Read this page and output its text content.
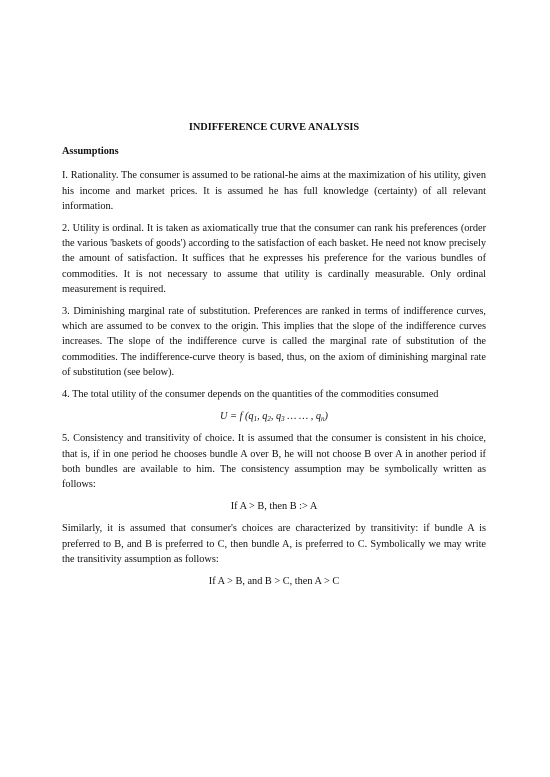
INDIFFERENCE CURVE ANALYSIS
Assumptions

I. Rationality. The consumer is assumed to be rational-he aims at the maximization of his utility, given his income and market prices. It is assumed he has full knowledge (certainty) of all relevant information.

2. Utility is ordinal. It is taken as axiomatically true that the consumer can rank his preferences (order the various 'baskets of goods') according to the satisfaction of each basket. He need not know precisely the amount of satisfaction. It suffices that he expresses his preference for the various bundles of commodities. It is not necessary to assume that utility is cardinally measurable. Only ordinal measurement is required.

3. Diminishing marginal rate of substitution. Preferences are ranked in terms of indifference curves, which are assumed to be convex to the origin. This implies that the slope of the indifference curves increases. The slope of the indifference curve is called the marginal rate of substitution of the commodities. The indifference-curve theory is based, thus, on the axiom of diminishing marginal rate of substitution (see below).

4. The total utility of the consumer depends on the quantities of the commodities consumed

U = f ($q_1$, $q_2$, $q_3$ … … , $q_n$)

5. Consistency and transitivity of choice. It is assumed that the consumer is consistent in his choice, that is, if in one period he chooses bundle A over B, he will not choose B over A in another period if both bundles are available to him. The consistency assumption may be symbolically written as follows:

If A > B, then B :> A

Similarly, it is assumed that consumer's choices are characterized by transitivity: if bundle A is preferred to B, and B is preferred to C, then bundle A, is preferred to C. Symbolically we may write the transitivity assumption as follows:

If A > B, and B > C, then A > C
